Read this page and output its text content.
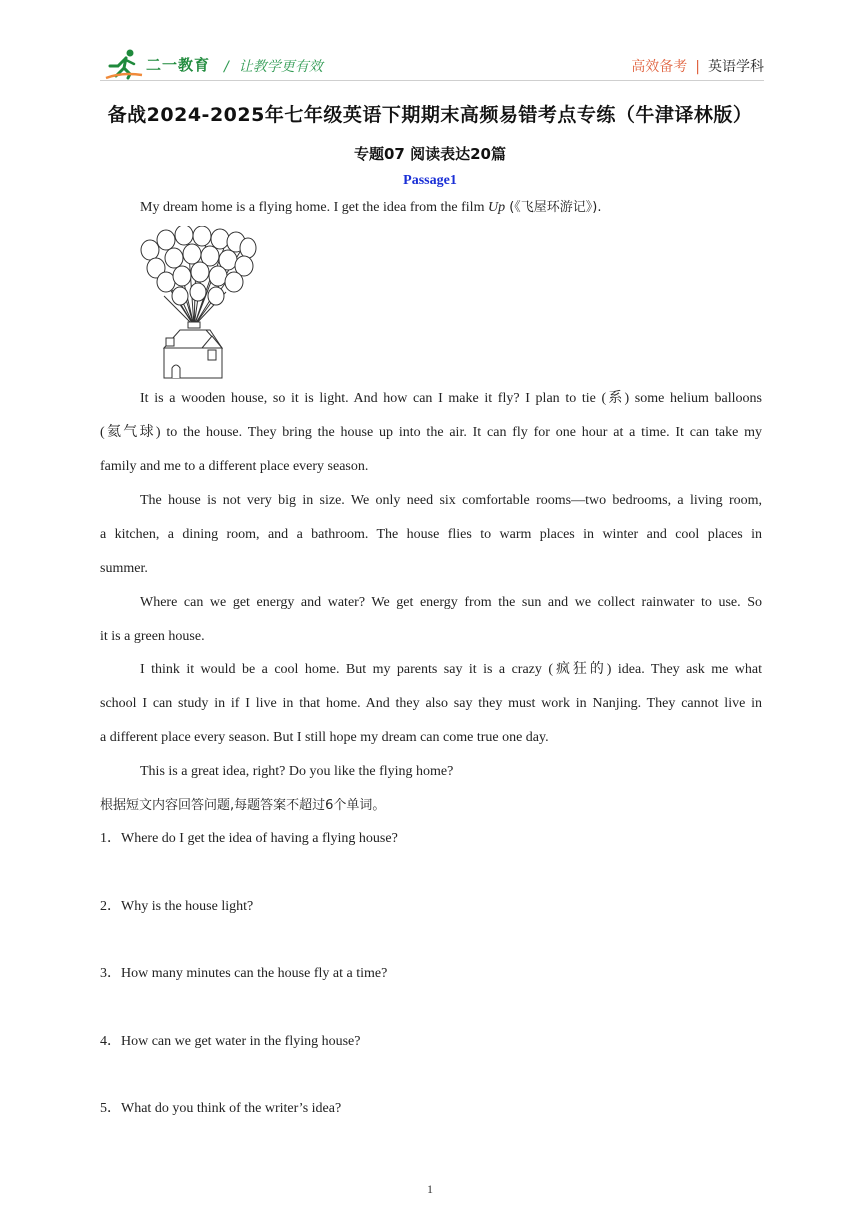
二一教育 / 让教学更有效	高效备考 | 英语学科
备战2024-2025年七年级英语下期期末高频易错考点专练（牛津译林版）
专题07 阅读表达20篇
Passage1
My dream home is a flying home. I get the idea from the film Up (《飞屋环游记》).
It is a wooden house, so it is light. And how can I make it fly? I plan to tie (系) some helium balloons
(氦气球) to the house. They bring the house up into the air. It can fly for one hour at a time. It can take my
family and me to a different place every season.
The house is not very big in size. We only need six comfortable rooms—two bedrooms, a living room,
a kitchen, a dining room, and a bathroom. The house flies to warm places in winter and cool places in
summer.
Where can we get energy and water? We get energy from the sun and we collect rainwater to use. So
it is a green house.
I think it would be a cool home. But my parents say it is a crazy (疯狂的) idea. They ask me what
school I can study in if I live in that home. And they also say they must work in Nanjing. They cannot live in
a different place every season. But I still hope my dream can come true one day.
This is a great idea, right? Do you like the flying home?
根据短文内容回答问题,每题答案不超过6个单词。
1．Where do I get the idea of having a flying house?
2．Why is the house light?
3．How many minutes can the house fly at a time?
4．How can we get water in the flying house?
5．What do you think of the writer’s idea?
1
